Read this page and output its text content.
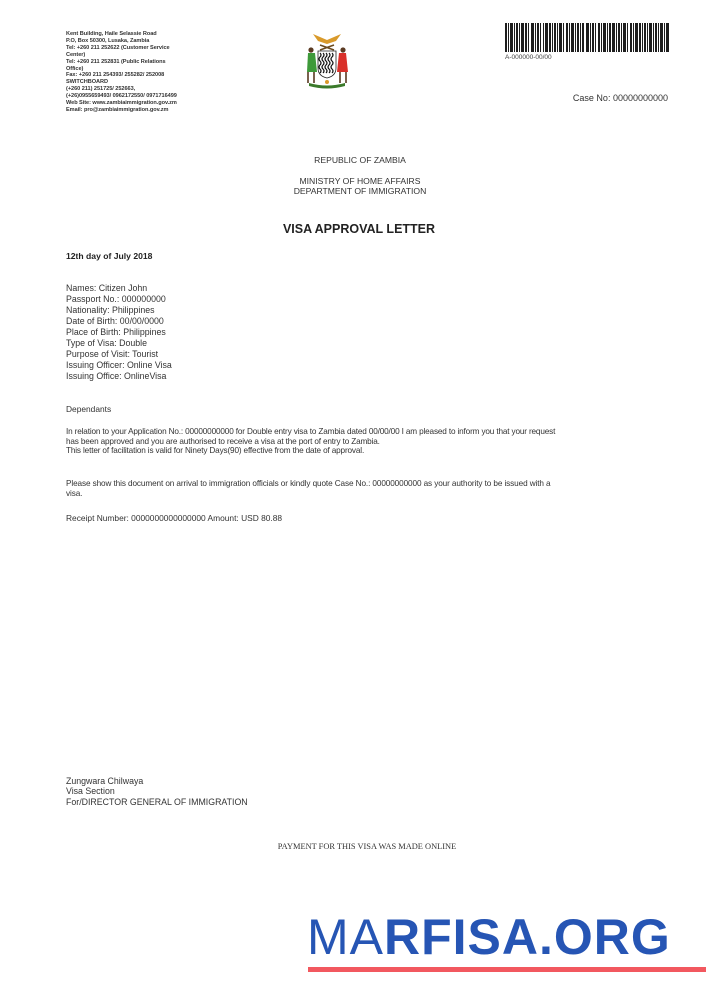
Kent Building, Haile Selassie Road
P.O, Box 50300, Lusaka, Zambia
Tel: +260 211 252622 (Customer Service
Center)
Tel: +260 211 252831 (Public Relations
Office)
Fax: +260 211 254393/ 255282/ 252008
SWITCHBOARD
(+260 211) 251725/ 252663,
(+26)0955659493/ 0962172550/ 0971716499
Web Site: www.zambiaimmigration.gov.zm
Email: pro@zambiaimmigration.gov.zm
A-000000-00/00
Case No: 00000000000
REPUBLIC OF ZAMBIA
MINISTRY OF HOME AFFAIRS
DEPARTMENT OF IMMIGRATION
VISA APPROVAL LETTER
12th day of July 2018
Names: Citizen John
Passport No.: 000000000
Nationality: Philippines
Date of Birth: 00/00/0000
Place of Birth: Philippines
Type of Visa: Double
Purpose of Visit: Tourist
Issuing Officer: Online Visa
Issuing Office: OnlineVisa
Dependants
In relation to your Application No.: 00000000000 for Double entry visa to Zambia dated 00/00/00 I am pleased to inform you that your request has been approved and you are authorised to receive a visa at the port of entry to Zambia.
This letter of facilitation is valid for Ninety Days(90) effective from the date of approval.
Please show this document on arrival to immigration officials or kindly quote Case No.: 00000000000 as your authority to be issued with a visa.
Receipt Number: 0000000000000000 Amount: USD 80.88
Zungwara Chilwaya
Visa Section
For/DIRECTOR GENERAL OF IMMIGRATION
PAYMENT FOR THIS VISA WAS MADE ONLINE
MARFISA.ORG
